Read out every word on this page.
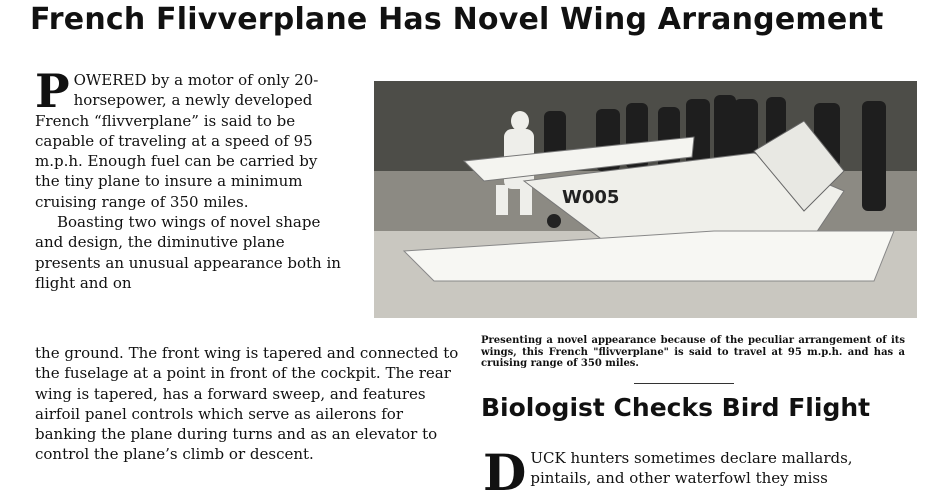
French Flivverplane Has Novel Wing Arrangement

POWERED by a motor of only 20-horsepower, a newly developed French “flivverplane” is said to be capable of traveling at a speed of 95 m.p.h. Enough fuel can be carried by the tiny plane to insure a minimum cruising range of 350 miles.

Boasting two wings of novel shape and design, the diminutive plane presents an unusual appearance both in flight and on

the ground. The front wing is tapered and connected to the fuselage at a point in front of the cockpit. The rear wing is tapered, has a forward sweep, and features airfoil panel controls which serve as ailerons for banking the plane during turns and as an elevator to control the plane’s climb or descent.

W005

Presenting a novel appearance because of the peculiar arrangement of its wings, this French "flivverplane" is said to travel at 95 m.p.h. and has a cruising range of 350 miles.

Biologist Checks Bird Flight

DUCK hunters sometimes declare mallards, pintails, and other waterfowl they miss
